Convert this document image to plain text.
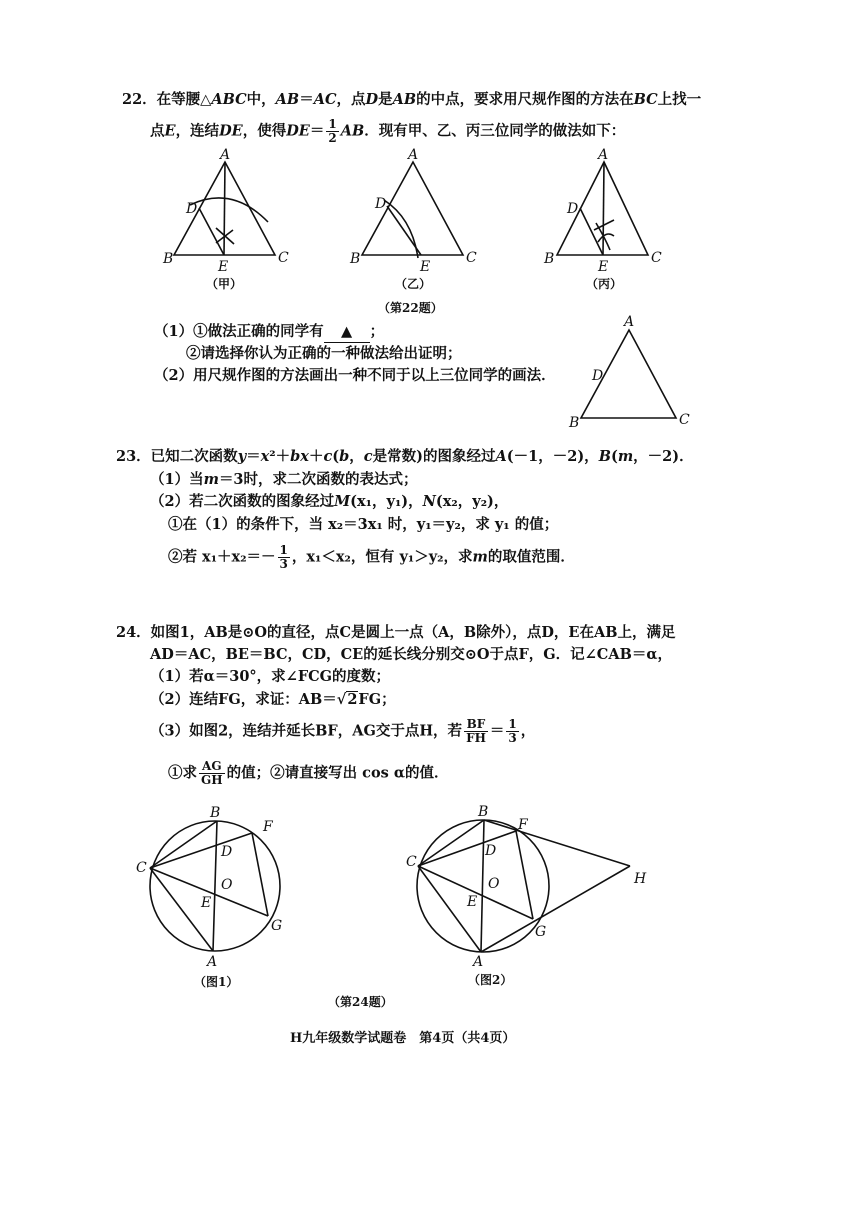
22．在等腰△ABC中，AB＝AC，点D是AB的中点，要求用尺规作图的方法在BC上找一
点E，连结DE，使得$DE= \frac{1}{2}$ AB．现有甲、乙、丙三位同学的做法如下：
A
D
B	C
E
（甲）
A
D
B	C
E
（乙）
A
D
B	C
E
（丙）
（第22题）
（1）①做法正确的同学有 ▲ ；
②请选择你认为正确的一种做法给出证明；
（2）用尺规作图的方法画出一种不同于以上三位同学的画法．
A
D
B	C
23．已知二次函数y＝x²＋bx＋c(b，c是常数)的图象经过A(－1，－2)，B(m，－2)．
（1）当m＝3时，求二次函数的表达式；
（2）若二次函数的图象经过M(x₁，y₁)，N(x₂，y₂)，
①在（1）的条件下，当 x₂＝3x₁ 时，y₁＝y₂，求 y₁ 的值；
②若 $x_1+x_2=- \frac{1}{3}$ ，x₁＜x₂，恒有 y₁＞y₂，求m的取值范围．
24．如图1，AB是⊙O的直径，点C是圆上一点（A，B除外），点D，E在AB上，满足
AD＝AC，BE＝BC，CD，CE的延长线分别交⊙O于点F，G．记∠CAB＝α，
（1）若α＝30°，求∠FCG的度数；
（2）连结FG，求证：AB＝√2FG；
（3）如图2，连结并延长BF，AG交于点H，若 $\frac{BF}{FH} = \frac{1}{3}$ ，
①求 $\frac{AG}{GH}$ 的值；②请直接写出 cos α的值．
B
F
C
D
O
E
G
A
（图1）
B
F
C
D
O
E
G
A
H
（图2）
（第24题）
H九年级数学试题卷　第4页（共4页）
